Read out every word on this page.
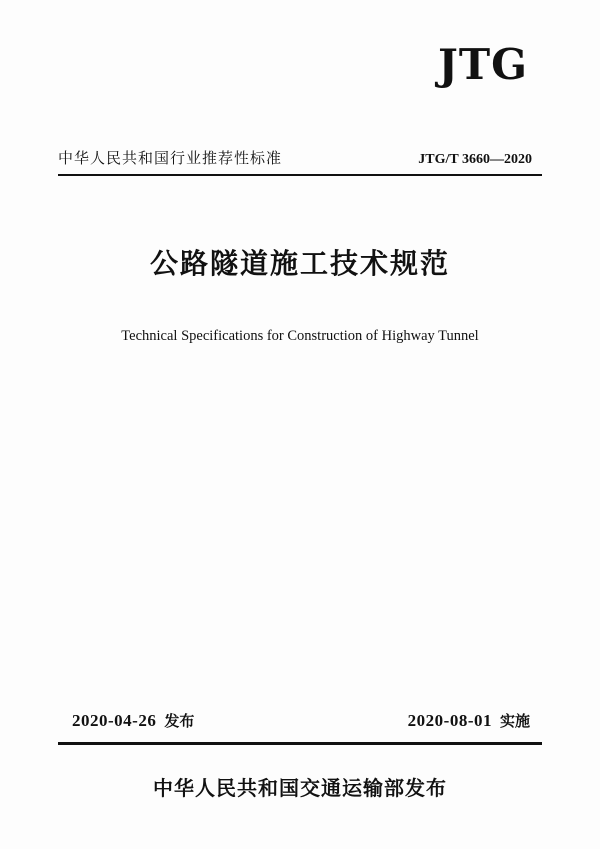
JTG
中华人民共和国行业推荐性标准	JTG/T 3660—2020
公路隧道施工技术规范
Technical Specifications for Construction of Highway Tunnel
2020-04-26 发布	2020-08-01 实施
中华人民共和国交通运输部发布
